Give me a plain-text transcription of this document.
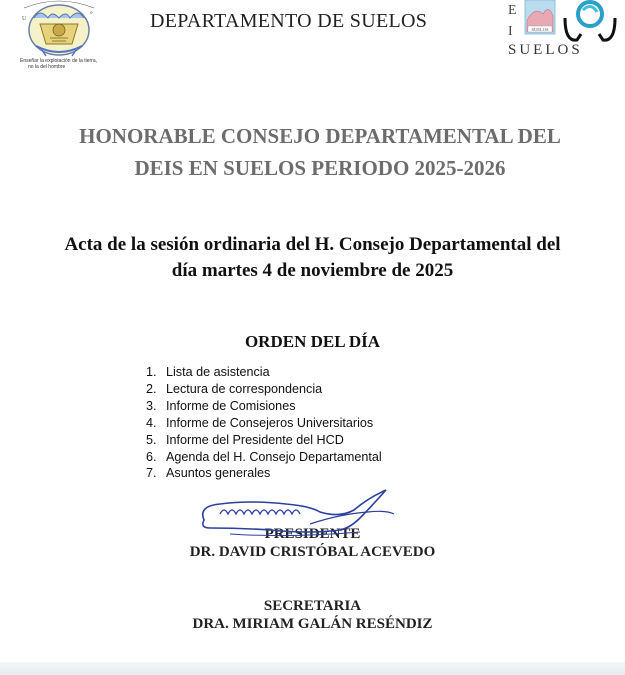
U
o
Enseñar la explotación de la tierra,
no la del hombre
DEPARTAMENTO DE SUELOS	SUELOS
E
I
SUELOS
HONORABLE CONSEJO DEPARTAMENTAL DEL
DEIS EN SUELOS PERIODO 2025-2026
Acta de la sesión ordinaria del H. Consejo Departamental del
día martes 4 de noviembre de 2025
ORDEN DEL DÍA
1. Lista de asistencia
2. Lectura de correspondencia
3. Informe de Comisiones
4. Informe de Consejeros Universitarios
5. Informe del Presidente del HCD
6. Agenda del H. Consejo Departamental
7. Asuntos generales
PRESIDENTE
DR. DAVID CRISTÓBAL ACEVEDO
SECRETARIA
DRA. MIRIAM GALÁN RESÉNDIZ
